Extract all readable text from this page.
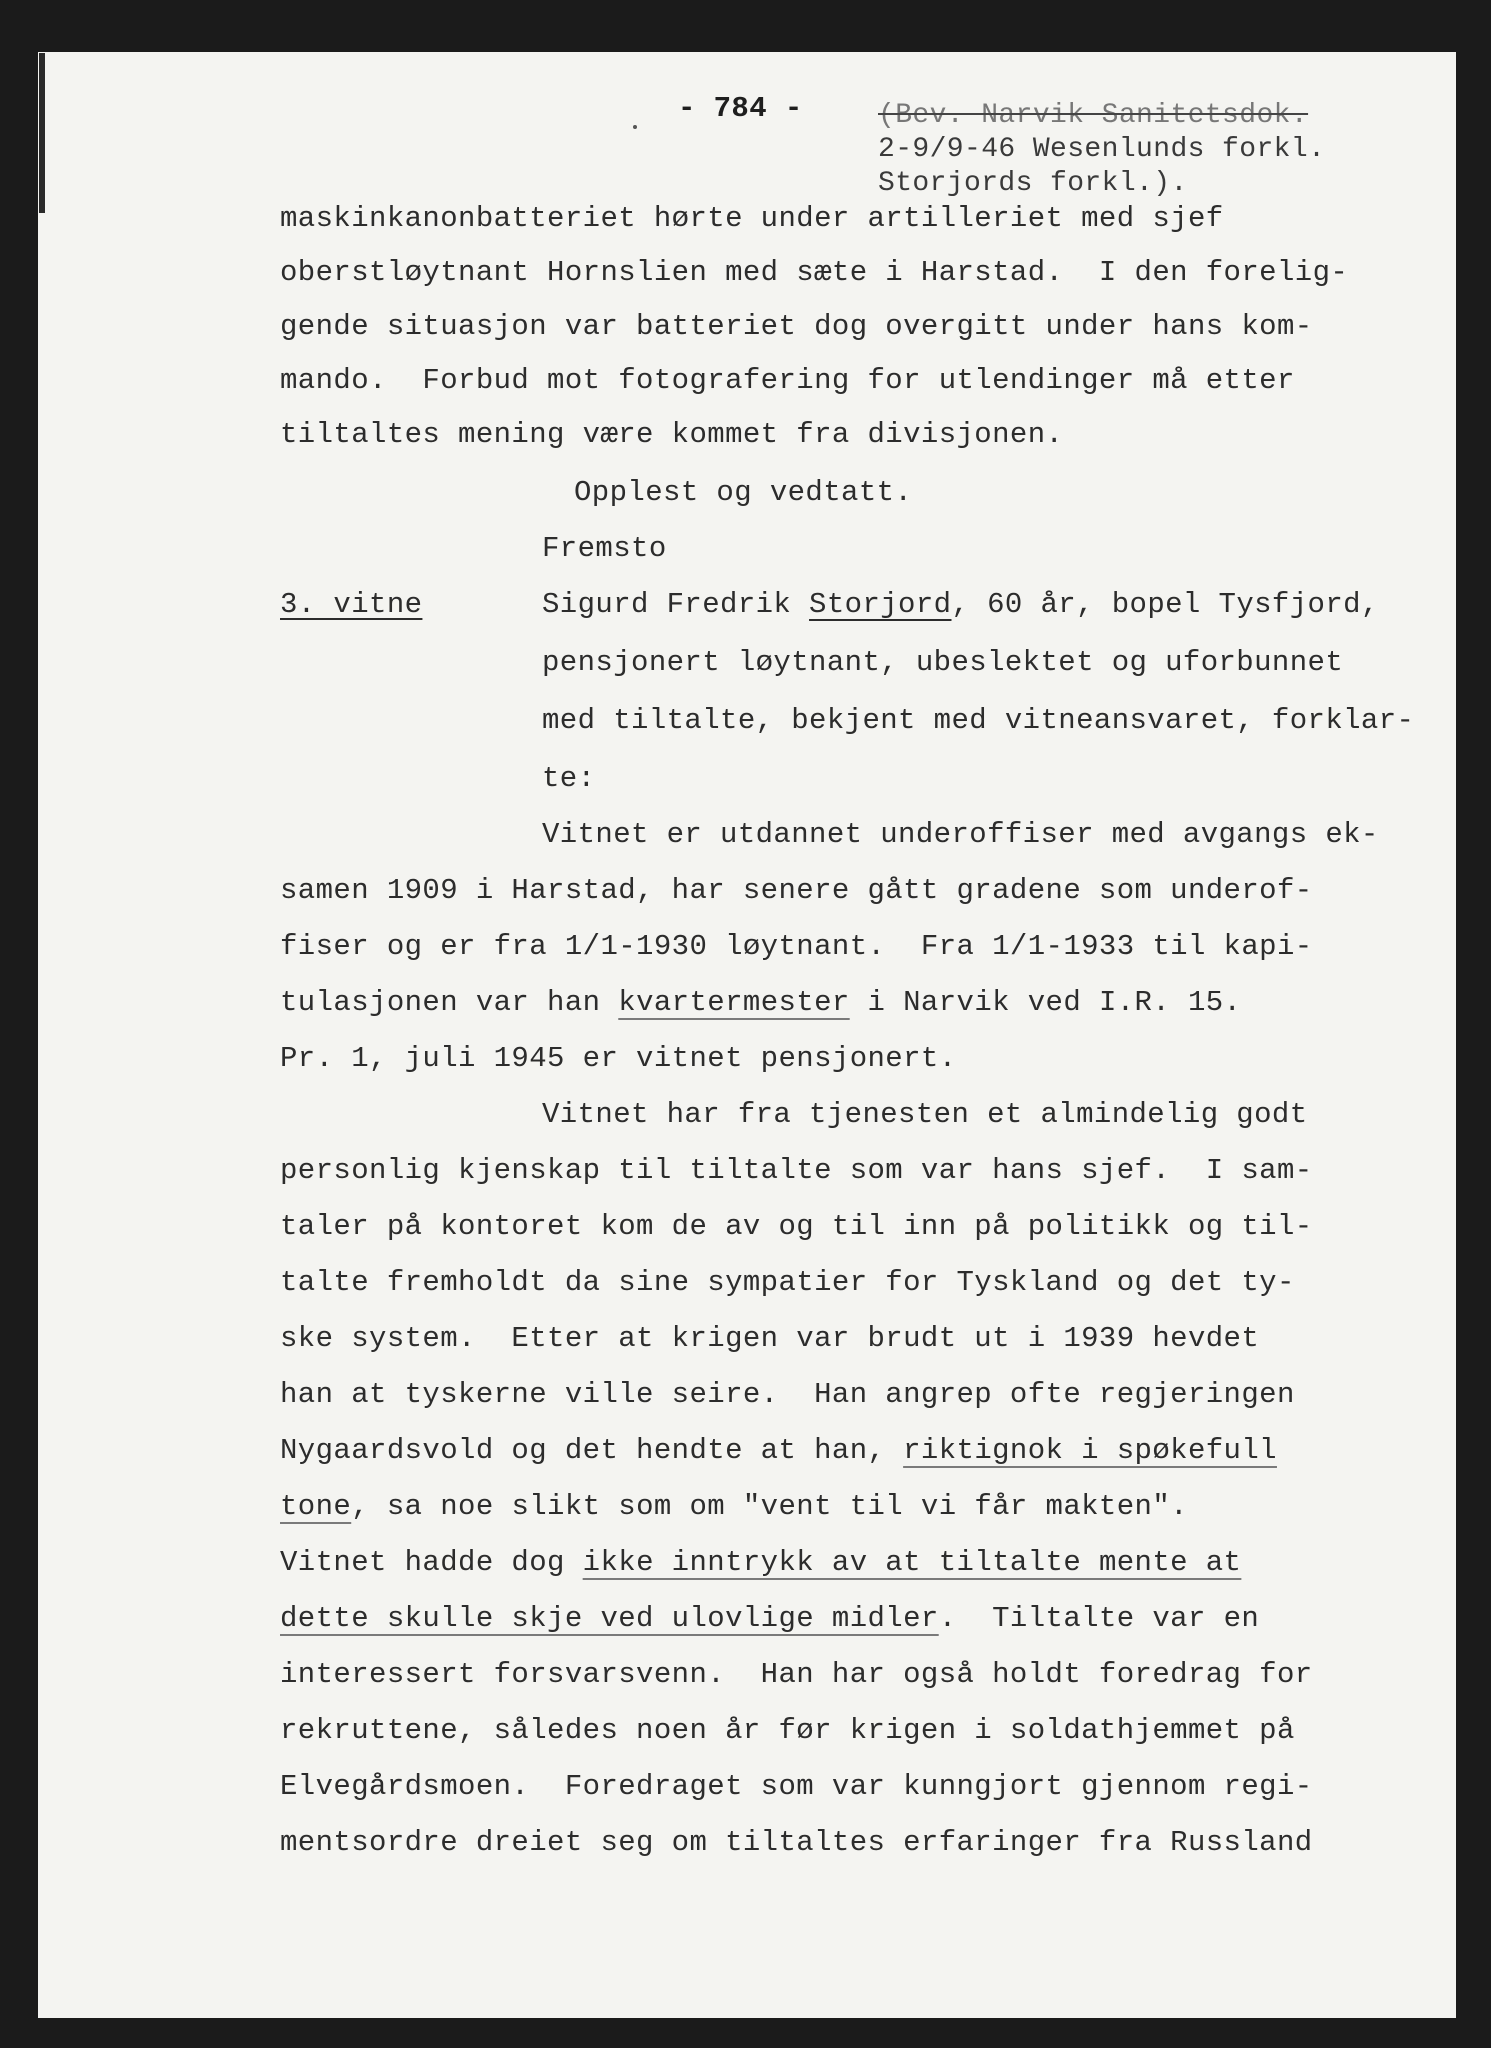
- 784 -	(Bev. Narvik Sanitetsdok.
2-9/9-46 Wesenlunds forkl.
Storjords forkl.).
maskinkanonbatteriet hørte under artilleriet med sjef
oberstløytnant Hornslien med sæte i Harstad.  I den forelig-
gende situasjon var batteriet dog overgitt under hans kom-
mando.  Forbud mot fotografering for utlendinger må etter
tiltaltes mening være kommet fra divisjonen.
Opplest og vedtatt.
Fremsto
3. vitne	Sigurd Fredrik Storjord, 60 år, bopel Tysfjord,
pensjonert løytnant, ubeslektet og uforbunnet
med tiltalte, bekjent med vitneansvaret, forklar-
te:
Vitnet er utdannet underoffiser med avgangs ek-
samen 1909 i Harstad, har senere gått gradene som underof-
fiser og er fra 1/1-1930 løytnant.  Fra 1/1-1933 til kapi-
tulasjonen var han kvartermester i Narvik ved I.R. 15.
Pr. 1, juli 1945 er vitnet pensjonert.
Vitnet har fra tjenesten et almindelig godt
personlig kjenskap til tiltalte som var hans sjef.  I sam-
taler på kontoret kom de av og til inn på politikk og til-
talte fremholdt da sine sympatier for Tyskland og det ty-
ske system.  Etter at krigen var brudt ut i 1939 hevdet
han at tyskerne ville seire.  Han angrep ofte regjeringen
Nygaardsvold og det hendte at han, riktignok i spøkefull
tone, sa noe slikt som om "vent til vi får makten".
Vitnet hadde dog ikke inntrykk av at tiltalte mente at
dette skulle skje ved ulovlige midler.  Tiltalte var en
interessert forsvarsvenn.  Han har også holdt foredrag for
rekruttene, således noen år før krigen i soldathjemmet på
Elvegårdsmoen.  Foredraget som var kunngjort gjennom regi-
mentsordre dreiet seg om tiltaltes erfaringer fra Russland
